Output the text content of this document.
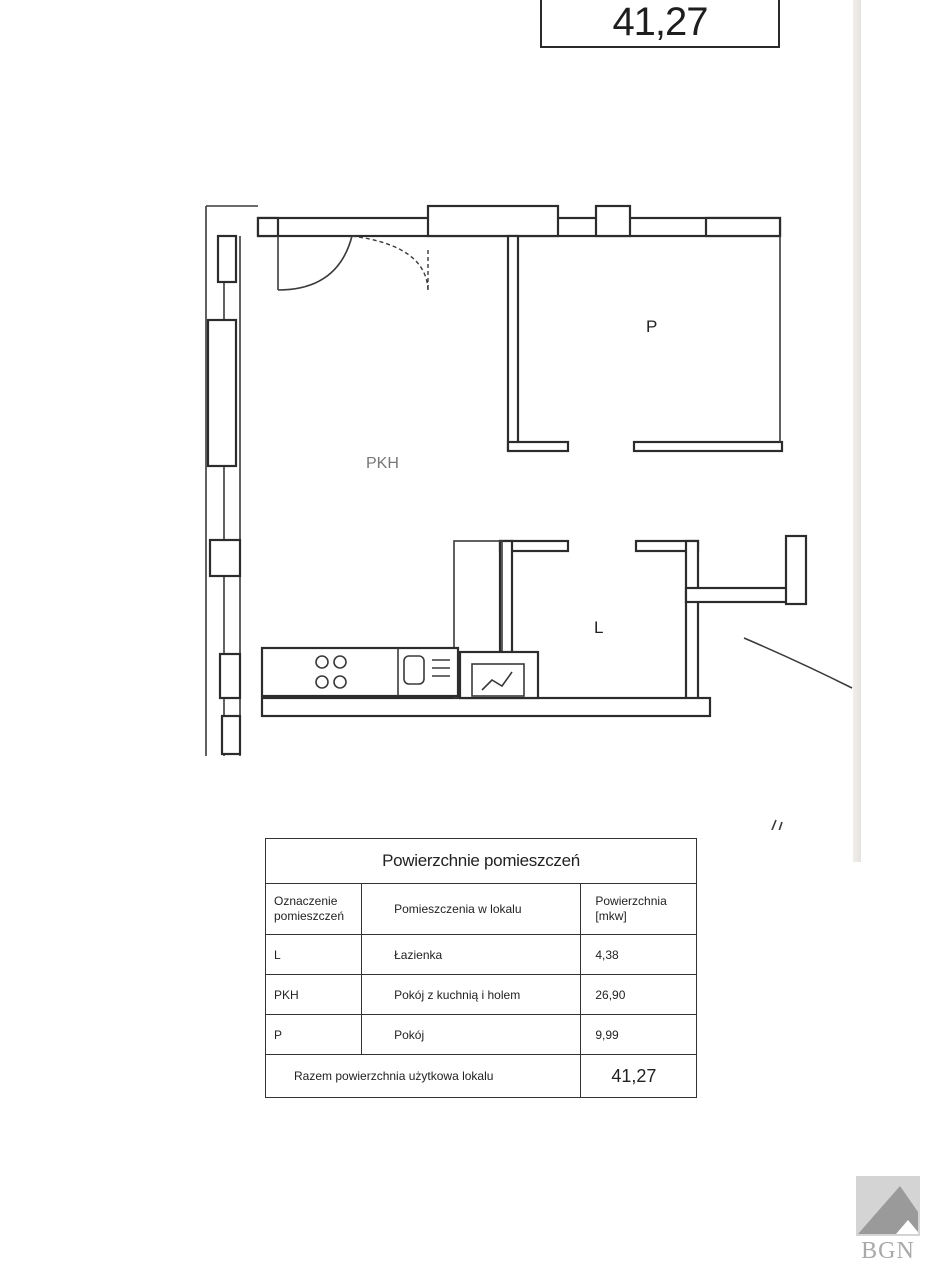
41,27
P
PKH
L
Powierzchnie pomieszczeń		
Oznaczenie pomieszczeń	Pomieszczenia w lokalu	Powierzchnia [mkw]
L	Łazienka	4,38
PKH	Pokój z kuchnią i holem	26,90
P	Pokój	9,99
Razem powierzchnia użytkowa lokalu		41,27
BGN
